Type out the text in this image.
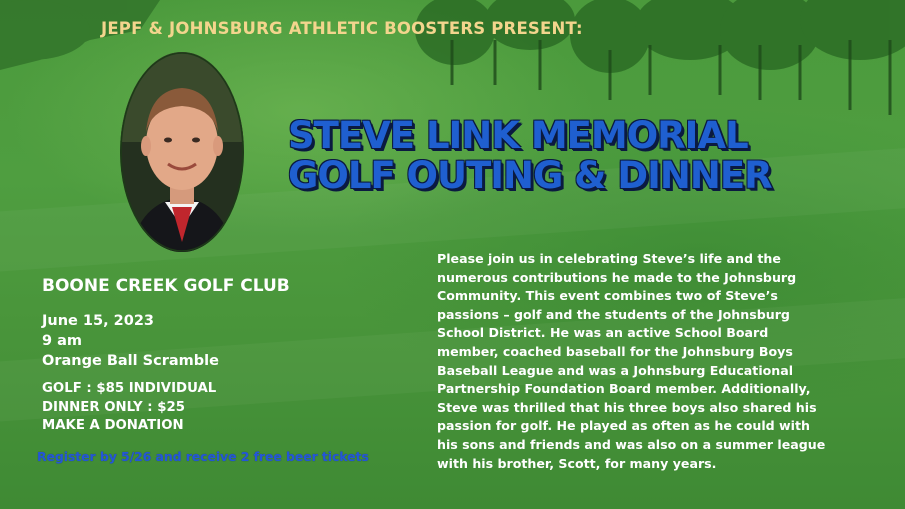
JEPF & JOHNSBURG ATHLETIC BOOSTERS PRESENT:
STEVE LINK MEMORIAL
GOLF OUTING & DINNER
BOONE CREEK GOLF CLUB
June 15, 2023
9 am
Orange Ball Scramble
GOLF : $85 INDIVIDUAL
DINNER ONLY : $25
MAKE A DONATION
Register by 5/26 and receive 2 free beer tickets
Please join us in celebrating Steve’s life and the
numerous contributions he made to the Johnsburg
Community. This event combines two of Steve’s
passions – golf and the students of the Johnsburg
School District. He was an active School Board
member, coached baseball for the Johnsburg Boys
Baseball League and was a Johnsburg Educational
Partnership Foundation Board member. Additionally,
Steve was thrilled that his three boys also shared his
passion for golf. He played as often as he could with
his sons and friends and was also on a summer league
with his brother, Scott, for many years.
